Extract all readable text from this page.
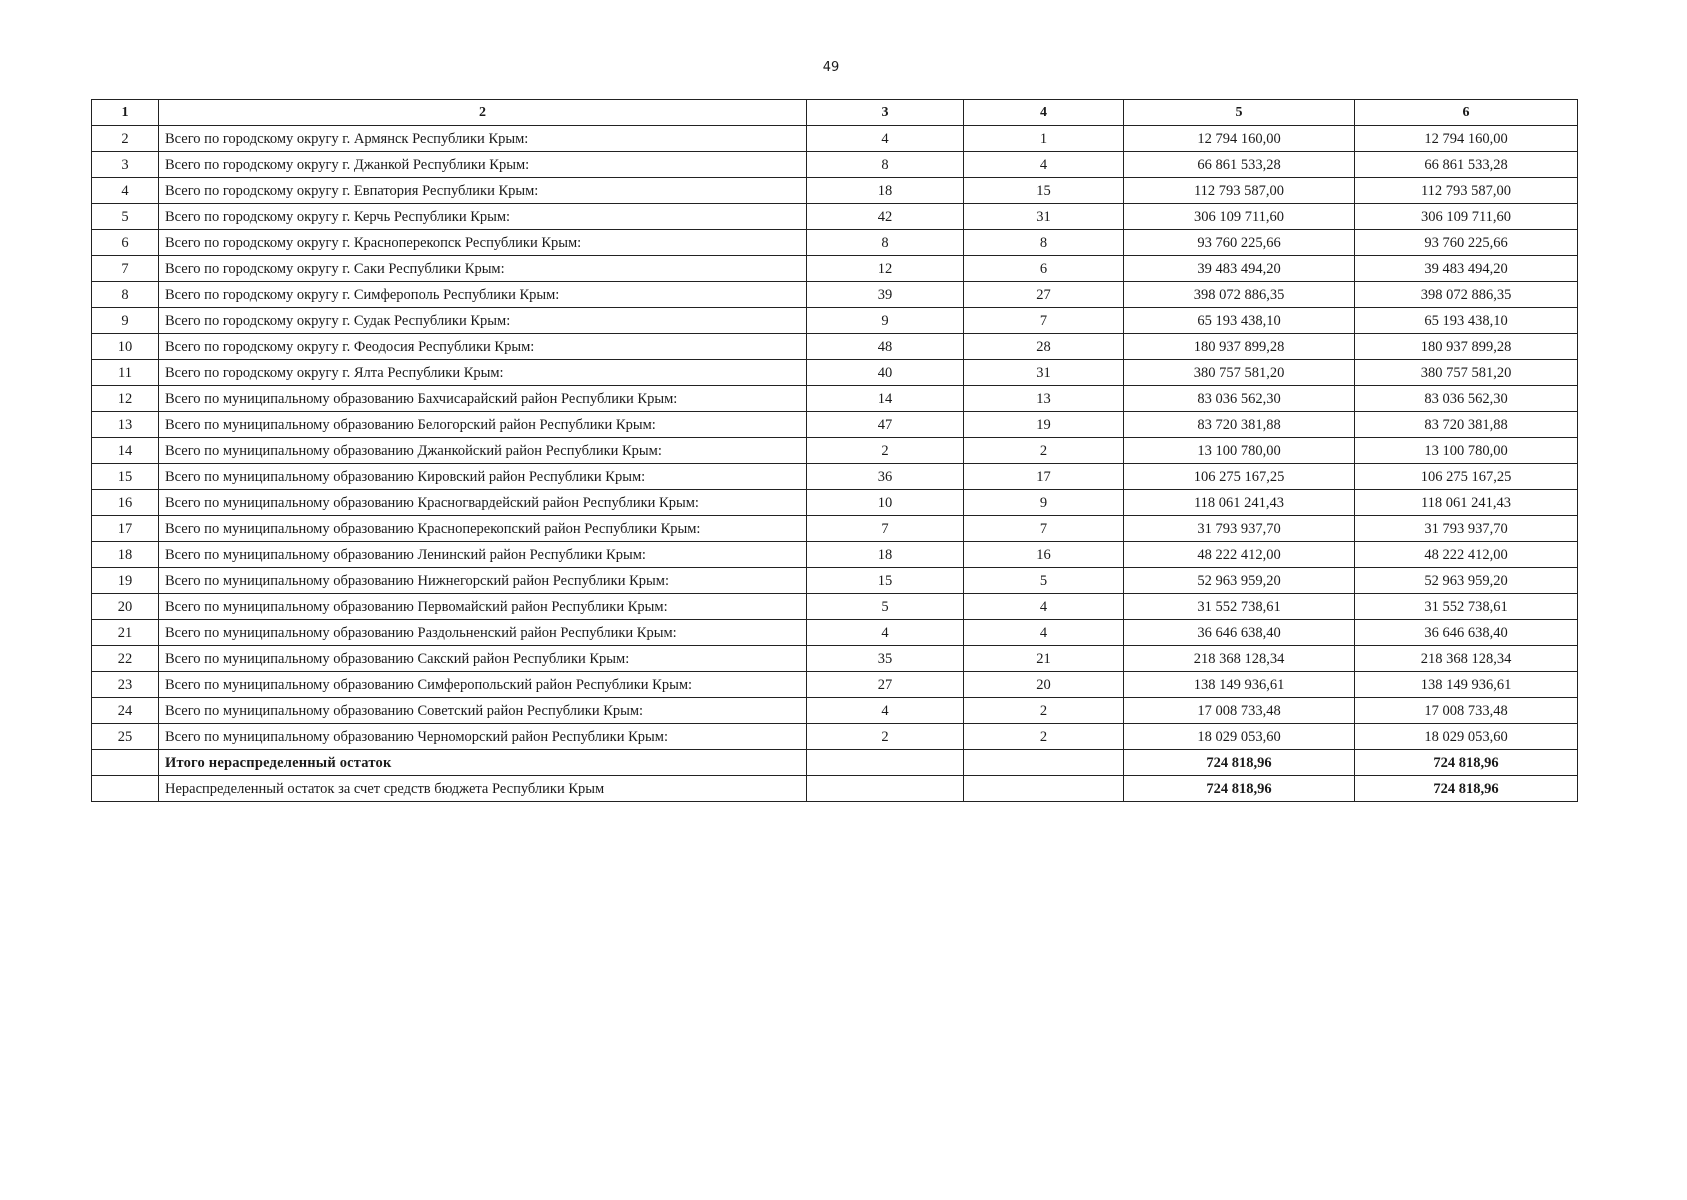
49
1	2	3	4	5	6
2	Всего по городскому округу г. Армянск Республики Крым:	4	1	12 794 160,00	12 794 160,00
3	Всего по городскому округу г. Джанкой Республики Крым:	8	4	66 861 533,28	66 861 533,28
4	Всего по городскому округу г. Евпатория Республики Крым:	18	15	112 793 587,00	112 793 587,00
5	Всего по городскому округу г. Керчь Республики Крым:	42	31	306 109 711,60	306 109 711,60
6	Всего по городскому округу г. Красноперекопск Республики Крым:	8	8	93 760 225,66	93 760 225,66
7	Всего по городскому округу г. Саки Республики Крым:	12	6	39 483 494,20	39 483 494,20
8	Всего по городскому округу г. Симферополь Республики Крым:	39	27	398 072 886,35	398 072 886,35
9	Всего по городскому округу г. Судак Республики Крым:	9	7	65 193 438,10	65 193 438,10
10	Всего по городскому округу г. Феодосия Республики Крым:	48	28	180 937 899,28	180 937 899,28
11	Всего по городскому округу г. Ялта Республики Крым:	40	31	380 757 581,20	380 757 581,20
12	Всего по муниципальному образованию Бахчисарайский район Республики Крым:	14	13	83 036 562,30	83 036 562,30
13	Всего по муниципальному образованию Белогорский район Республики Крым:	47	19	83 720 381,88	83 720 381,88
14	Всего по муниципальному образованию Джанкойский район Республики Крым:	2	2	13 100 780,00	13 100 780,00
15	Всего по муниципальному образованию Кировский район Республики Крым:	36	17	106 275 167,25	106 275 167,25
16	Всего по муниципальному образованию Красногвардейский район Республики Крым:	10	9	118 061 241,43	118 061 241,43
17	Всего по муниципальному образованию Красноперекопский район Республики Крым:	7	7	31 793 937,70	31 793 937,70
18	Всего по муниципальному образованию Ленинский район Республики Крым:	18	16	48 222 412,00	48 222 412,00
19	Всего по муниципальному образованию Нижнегорский район Республики Крым:	15	5	52 963 959,20	52 963 959,20
20	Всего по муниципальному образованию Первомайский район Республики Крым:	5	4	31 552 738,61	31 552 738,61
21	Всего по муниципальному образованию Раздольненский район Республики Крым:	4	4	36 646 638,40	36 646 638,40
22	Всего по муниципальному образованию Сакский район Республики Крым:	35	21	218 368 128,34	218 368 128,34
23	Всего по муниципальному образованию Симферопольский район Республики Крым:	27	20	138 149 936,61	138 149 936,61
24	Всего по муниципальному образованию Советский район Республики Крым:	4	2	17 008 733,48	17 008 733,48
25	Всего по муниципальному образованию Черноморский район Республики Крым:	2	2	18 029 053,60	18 029 053,60
	Итого нераспределенный остаток			724 818,96	724 818,96
	Нераспределенный остаток за счет средств бюджета Республики Крым			724 818,96	724 818,96
